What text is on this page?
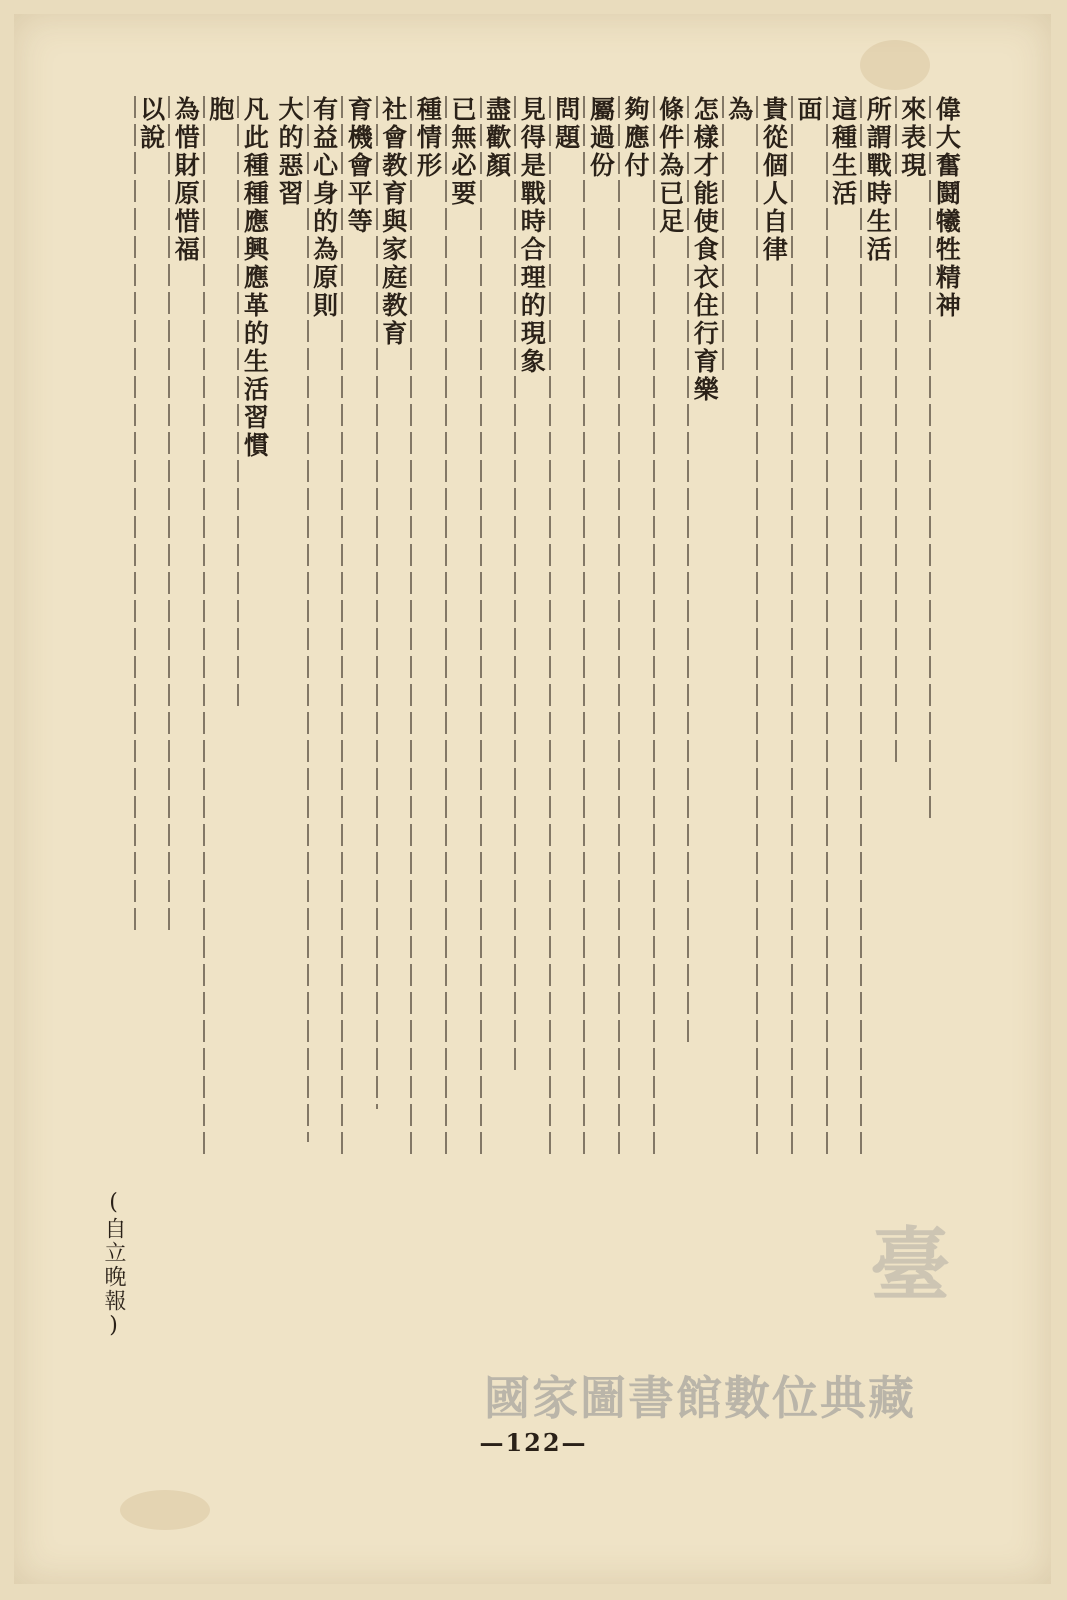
偉大奮鬪犧牲精神
來表現
所謂戰時生活
這種生活
面
貴從個人自律
為
怎樣才能使食衣住行育樂
條件為已足
夠應付
屬過份
問題
見得是戰時合理的現象
盡歡顏
已無必要
種情形
社會教育與家庭教育
育機會平等
有益心身的為原則
大的惡習
凡此種種應興應革的生活習慣
胞
為惜財原惜福
以說
(自立晚報)
—122—
臺
國家圖書館數位典藏
